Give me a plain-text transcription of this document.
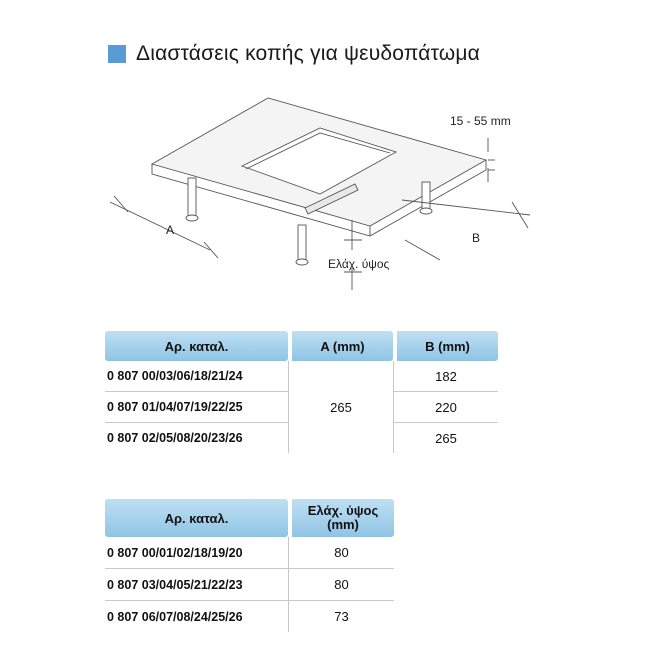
Διαστάσεις κοπής για ψευδοπάτωμα
15 - 55 mm
A
B
Ελάχ. ύψος
Αρ. καταλ.	A (mm)	B (mm)
0 807 00/03/06/18/21/24	265	182
0 807 01/04/07/19/22/25		220
0 807 02/05/08/20/23/26		265
Αρ. καταλ.	Ελάχ. ύψος (mm)
0 807 00/01/02/18/19/20	80
0 807 03/04/05/21/22/23	80
0 807 06/07/08/24/25/26	73
